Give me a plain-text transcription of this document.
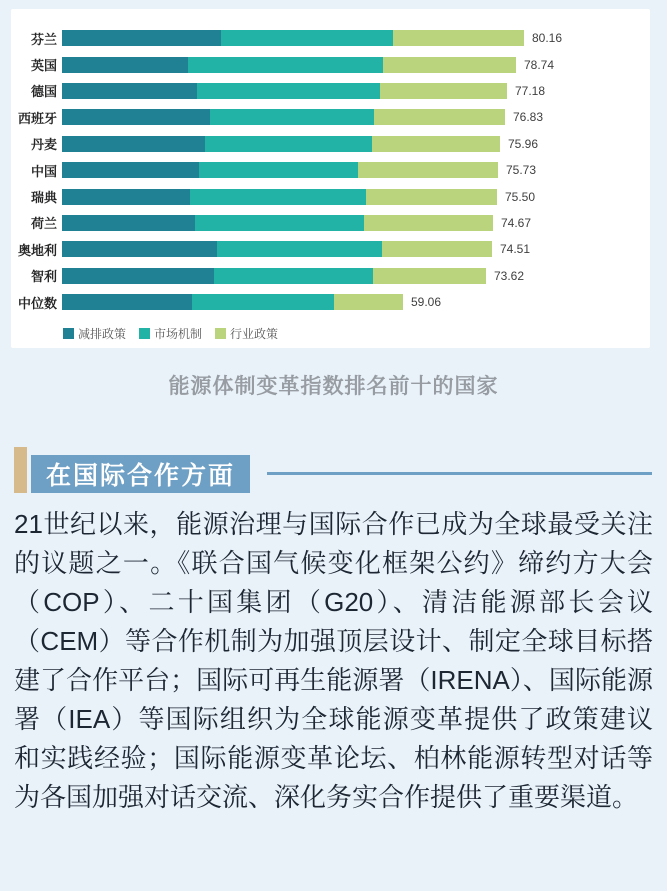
芬兰	80.16
英国	78.74
德国	77.18
西班牙	76.83
丹麦	75.96
中国	75.73
瑞典	75.50
荷兰	74.67
奥地利	74.51
智利	73.62
中位数	59.06
减排政策 市场机制 行业政策
能源体制变革指数排名前十的国家
在国际合作方面

21世纪以来，能源治理与国际合作已成为全球最受关注的议题之一。《联合国气候变化框架公约》缔约方大会（COP）、二十国集团（G20）、清洁能源部长会议（CEM）等合作机制为加强顶层设计、制定全球目标搭建了合作平台；国际可再生能源署（IRENA）、国际能源署（IEA）等国际组织为全球能源变革提供了政策建议和实践经验；国际能源变革论坛、柏林能源转型对话等为各国加强对话交流、深化务实合作提供了重要渠道。
